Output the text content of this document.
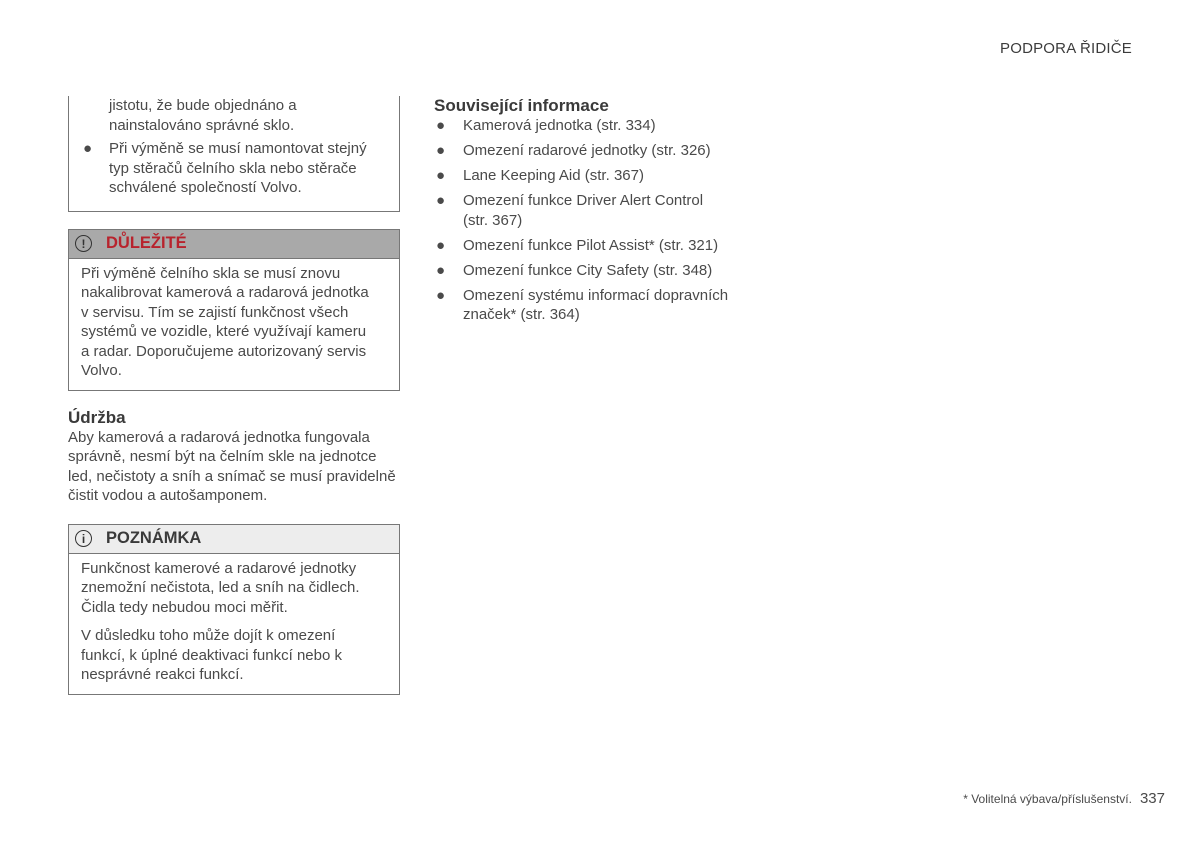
PODPORA ŘIDIČE
jistotu, že bude objednáno a nainstalováno správné sklo.
● Při výměně se musí namontovat stejný typ stěračů čelního skla nebo stěrače schválené společností Volvo.
!	DŮLEŽITÉ

Při výměně čelního skla se musí znovu nakalibrovat kamerová a radarová jednotka v servisu. Tím se zajistí funkčnost všech systémů ve vozidle, které využívají kameru a radar. Doporučujeme autorizovaný servis Volvo.

Údržba

Aby kamerová a radarová jednotka fungovala správně, nesmí být na čelním skle na jednotce led, nečistoty a sníh a snímač se musí pravidelně čistit vodou a autošamponem.

i	POZNÁMKA

Funkčnost kamerové a radarové jednotky znemožní nečistota, led a sníh na čidlech. Čidla tedy nebudou moci měřit.

V důsledku toho může dojít k omezení funkcí, k úplné deaktivaci funkcí nebo k nesprávné reakci funkcí.

Související informace
● Kamerová jednotka (str. 334)
● Omezení radarové jednotky (str. 326)
● Lane Keeping Aid (str. 367)
● Omezení funkce Driver Alert Control (str. 367)
● Omezení funkce Pilot Assist* (str. 321)
● Omezení funkce City Safety (str. 348)
● Omezení systému informací dopravních značek* (str. 364)
* Volitelná výbava/příslušenství. 337
